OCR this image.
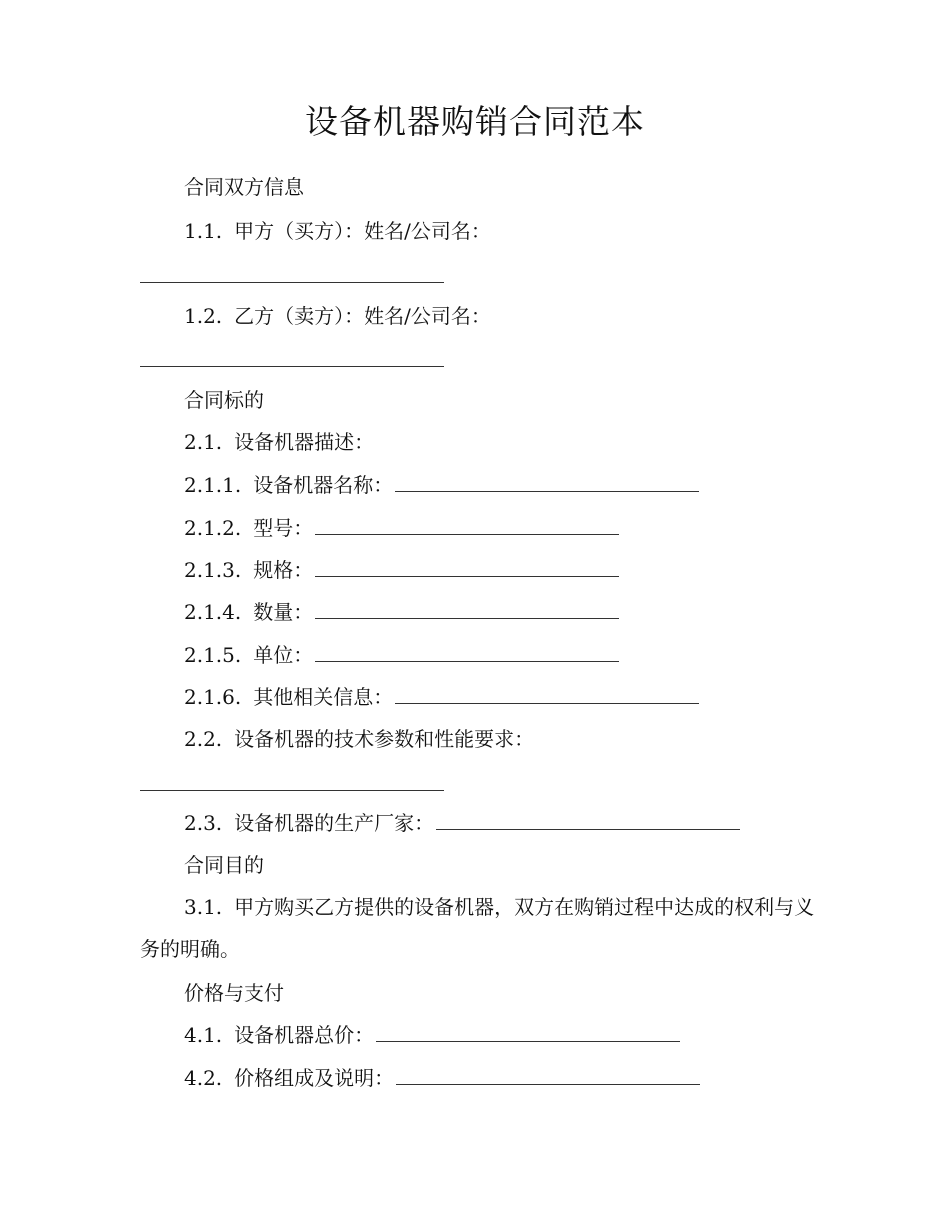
设备机器购销合同范本
合同双方信息
1.1. 甲方（买方）：姓名/公司名：
1.2. 乙方（卖方）：姓名/公司名：
合同标的
2.1. 设备机器描述：
2.1.1. 设备机器名称：
2.1.2. 型号：
2.1.3. 规格：
2.1.4. 数量：
2.1.5. 单位：
2.1.6. 其他相关信息：
2.2. 设备机器的技术参数和性能要求：
2.3. 设备机器的生产厂家：
合同目的
3.1. 甲方购买乙方提供的设备机器，双方在购销过程中达成的权利与义务的明确。
价格与支付
4.1. 设备机器总价：
4.2. 价格组成及说明：
